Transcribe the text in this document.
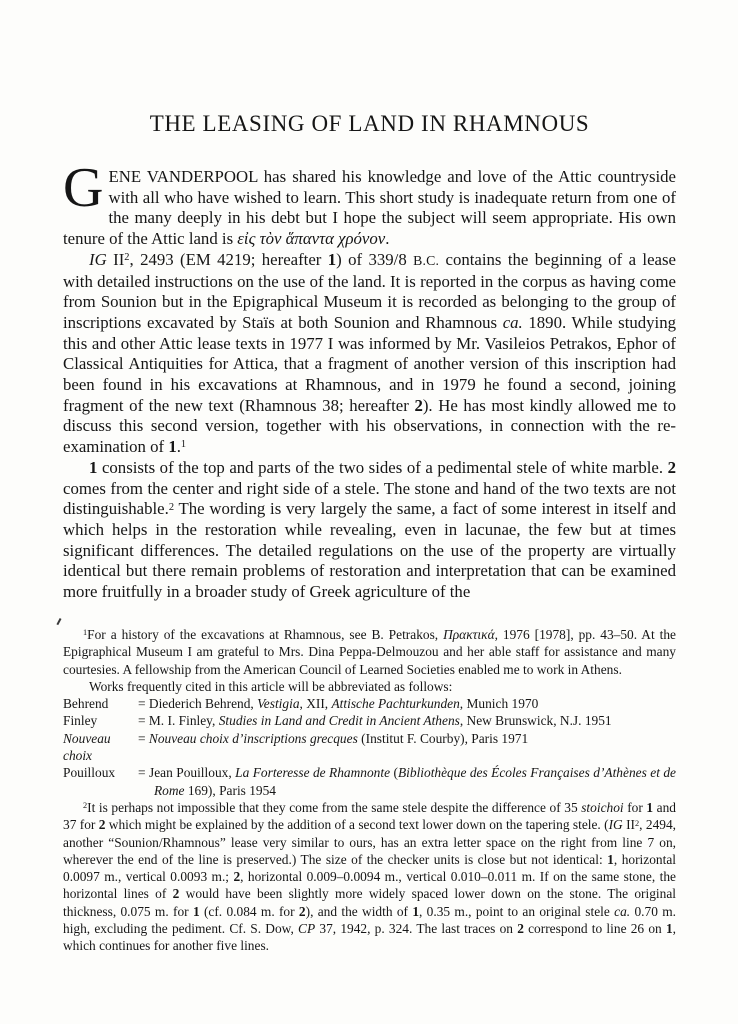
THE LEASING OF LAND IN RHAMNOUS

GENE VANDERPOOL has shared his knowledge and love of the Attic countryside with all who have wished to learn. This short study is inadequate return from one of the many deeply in his debt but I hope the subject will seem appropriate. His own tenure of the Attic land is εἰς τὸν ἅπαντα χρόνον.

IG $II^2$, 2493 (EM 4219; hereafter 1) of 339/8 B.C. contains the beginning of a lease with detailed instructions on the use of the land. It is reported in the corpus as having come from Sounion but in the Epigraphical Museum it is recorded as belonging to the group of inscriptions excavated by Staïs at both Sounion and Rhamnous ca. 1890. While studying this and other Attic lease texts in 1977 I was informed by Mr. Vasileios Petrakos, Ephor of Classical Antiquities for Attica, that a fragment of another version of this inscription had been found in his excavations at Rhamnous, and in 1979 he found a second, joining fragment of the new text (Rhamnous 38; hereafter 2). He has most kindly allowed me to discuss this second version, together with his observations, in connection with the re-examination of 1.$^1$

1 consists of the top and parts of the two sides of a pedimental stele of white marble. 2 comes from the center and right side of a stele. The stone and hand of the two texts are not distinguishable.$^2$ The wording is very largely the same, a fact of some interest in itself and which helps in the restoration while revealing, even in lacunae, the few but at times significant differences. The detailed regulations on the use of the property are virtually identical but there remain problems of restoration and interpretation that can be examined more fruitfully in a broader study of Greek agriculture of the

$^1$For a history of the excavations at Rhamnous, see B. Petrakos, Πρακτικά, 1976 [1978], pp. 43–50. At the Epigraphical Museum I am grateful to Mrs. Dina Peppa-Delmouzou and her able staff for assistance and many courtesies. A fellowship from the American Council of Learned Societies enabled me to work in Athens.

Works frequently cited in this article will be abbreviated as follows:

Behrend	= Diederich Behrend, Vestigia, XII, Attische Pachturkunden, Munich 1970
Finley	= M. I. Finley, Studies in Land and Credit in Ancient Athens, New Brunswick, N.J. 1951
Nouveau choix
= Nouveau choix d’inscriptions grecques (Institut F. Courby), Paris 1971
Pouilloux	= Jean Pouilloux, La Forteresse de Rhamnonte (Bibliothèque des Écoles Françaises d’Athènes et de Rome 169), Paris 1954

$^2$It is perhaps not impossible that they come from the same stele despite the difference of 35 stoichoi for 1 and 37 for 2 which might be explained by the addition of a second text lower down on the tapering stele. (IG $II^2$, 2494, another “Sounion/Rhamnous” lease very similar to ours, has an extra letter space on the right from line 7 on, wherever the end of the line is preserved.) The size of the checker units is close but not identical: 1, horizontal 0.0097 m., vertical 0.0093 m.; 2, horizontal 0.009–0.0094 m., vertical 0.010–0.011 m. If on the same stone, the horizontal lines of 2 would have been slightly more widely spaced lower down on the stone. The original thickness, 0.075 m. for 1 (cf. 0.084 m. for 2), and the width of 1, 0.35 m., point to an original stele ca. 0.70 m. high, excluding the pediment. Cf. S. Dow, CP 37, 1942, p. 324. The last traces on 2 correspond to line 26 on 1, which continues for another five lines.
